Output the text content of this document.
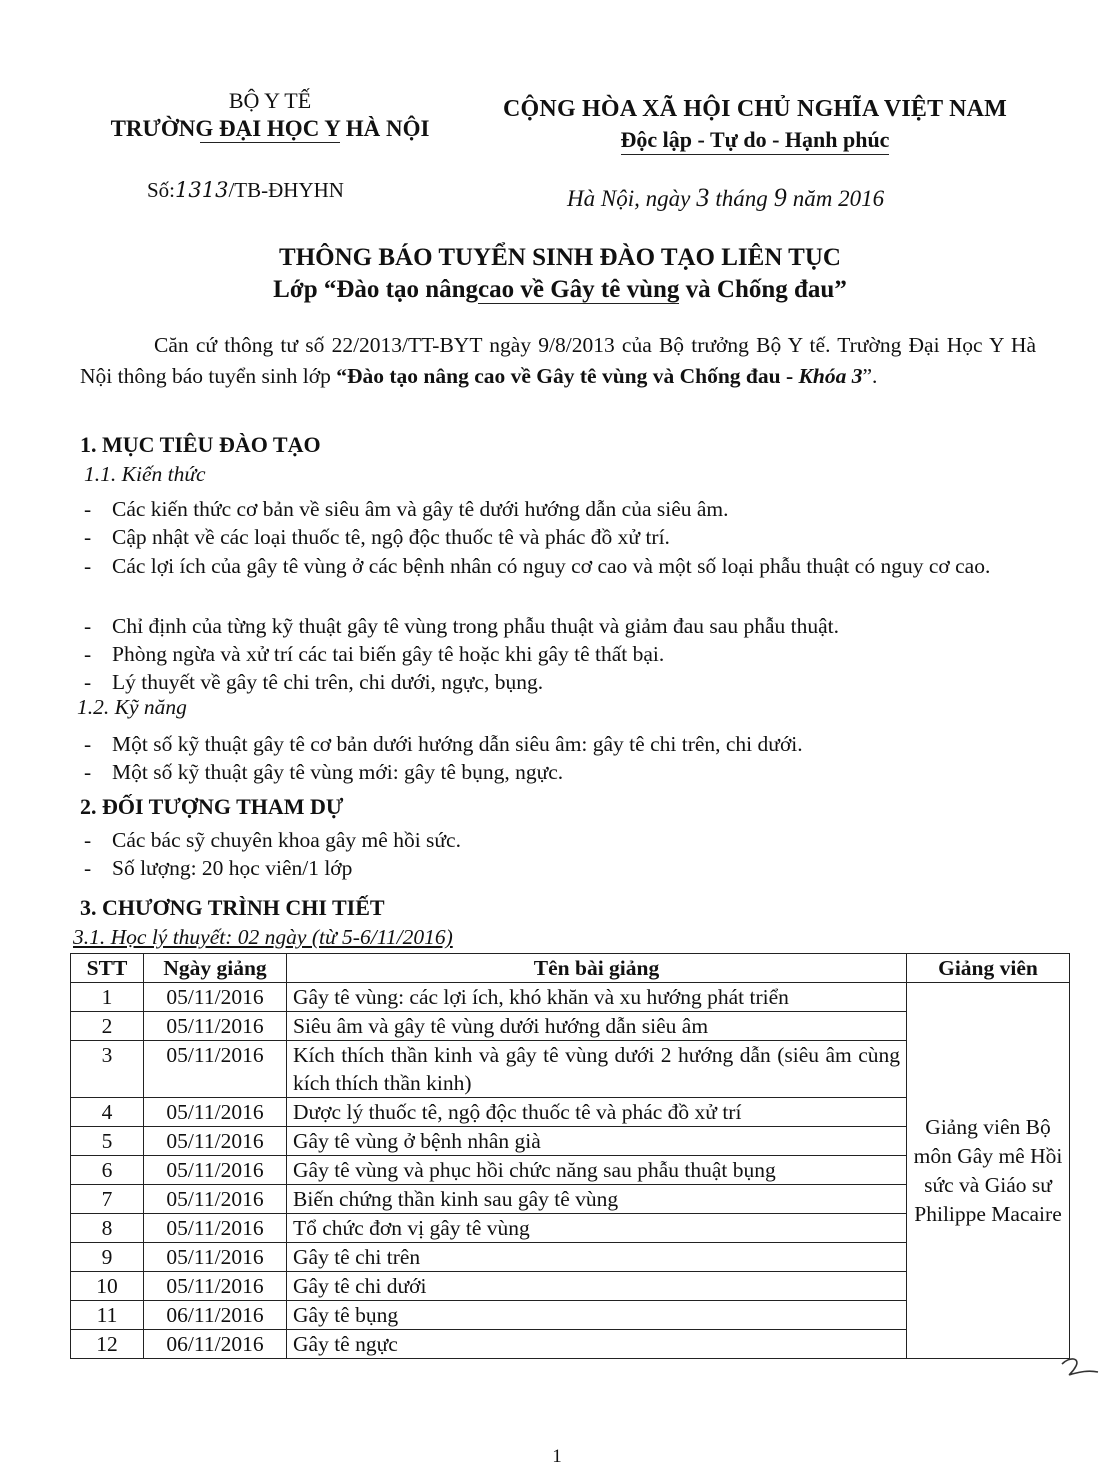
BỘ Y TẾ
TRƯỜNG ĐẠI HỌC Y HÀ NỘI
CỘNG HÒA XÃ HỘI CHỦ NGHĨA VIỆT NAM
Độc lập - Tự do - Hạnh phúc
Số:1313/TB-ĐHYHN	Hà Nội, ngày 3 tháng 9 năm 2016
THÔNG BÁO TUYỂN SINH ĐÀO TẠO LIÊN TỤC
Lớp “Đào tạo nângcao về Gây tê vùng và Chống đau”

Căn cứ thông tư số 22/2013/TT-BYT ngày 9/8/2013 của Bộ trưởng Bộ Y tế. Trường Đại Học Y Hà Nội thông báo tuyển sinh lớp “Đào tạo nâng cao về Gây tê vùng và Chống đau - Khóa 3”.

1. MỤC TIÊU ĐÀO TẠO
1.1. Kiến thức
- Các kiến thức cơ bản về siêu âm và gây tê dưới hướng dẫn của siêu âm.
- Cập nhật về các loại thuốc tê, ngộ độc thuốc tê và phác đồ xử trí.
- Các lợi ích của gây tê vùng ở các bệnh nhân có nguy cơ cao và một số loại phẫu thuật có nguy cơ cao.
- Chỉ định của từng kỹ thuật gây tê vùng trong phẫu thuật và giảm đau sau phẫu thuật.
- Phòng ngừa và xử trí các tai biến gây tê hoặc khi gây tê thất bại.
- Lý thuyết về gây tê chi trên, chi dưới, ngực, bụng.
1.2. Kỹ năng
- Một số kỹ thuật gây tê cơ bản dưới hướng dẫn siêu âm: gây tê chi trên, chi dưới.
- Một số kỹ thuật gây tê vùng mới: gây tê bụng, ngực.
2. ĐỐI TƯỢNG THAM DỰ
- Các bác sỹ chuyên khoa gây mê hồi sức.
- Số lượng: 20 học viên/1 lớp
3. CHƯƠNG TRÌNH CHI TIẾT
3.1. Học lý thuyết: 02 ngày (từ 5-6/11/2016)
STT	Ngày giảng	Tên bài giảng	Giảng viên
1	05/11/2016	Gây tê vùng: các lợi ích, khó khăn và xu hướng phát triển	Giảng viên Bộ môn Gây mê Hồi sức và Giáo sư Philippe Macaire
2	05/11/2016	Siêu âm và gây tê vùng dưới hướng dẫn siêu âm	
3	05/11/2016	Kích thích thần kinh và gây tê vùng dưới 2 hướng dẫn (siêu âm cùng kích thích thần kinh)	
4	05/11/2016	Dược lý thuốc tê, ngộ độc thuốc tê và phác đồ xử trí	
5	05/11/2016	Gây tê vùng ở bệnh nhân già	
6	05/11/2016	Gây tê vùng và phục hồi chức năng sau phẫu thuật bụng	
7	05/11/2016	Biến chứng thần kinh sau gây tê vùng	
8	05/11/2016	Tổ chức đơn vị gây tê vùng	
9	05/11/2016	Gây tê chi trên	
10	05/11/2016	Gây tê chi dưới	
11	06/11/2016	Gây tê bụng	
12	06/11/2016	Gây tê ngực	
1
